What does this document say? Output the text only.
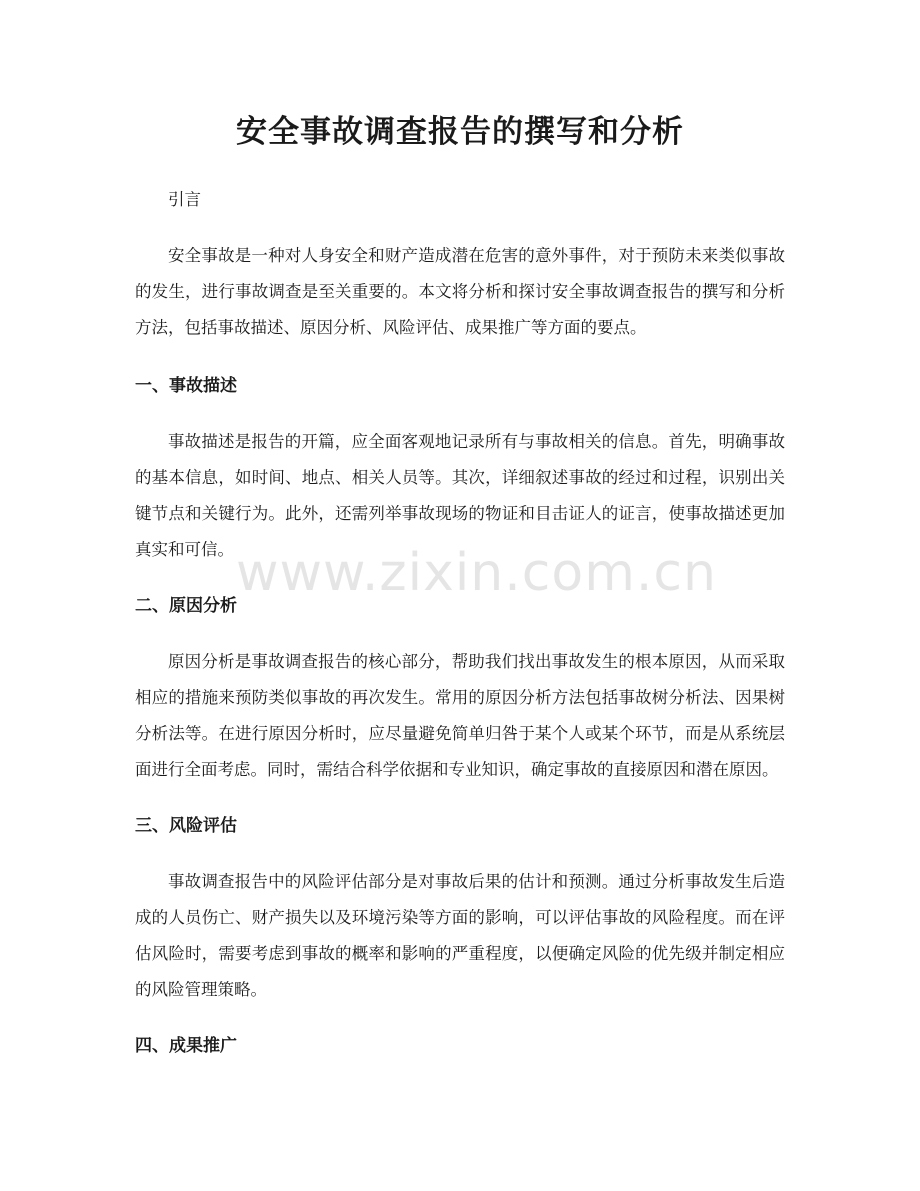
安全事故调查报告的撰写和分析

引言

安全事故是一种对人身安全和财产造成潜在危害的意外事件，对于预防未来类似事故的发生，进行事故调查是至关重要的。本文将分析和探讨安全事故调查报告的撰写和分析方法，包括事故描述、原因分析、风险评估、成果推广等方面的要点。

一、事故描述

事故描述是报告的开篇，应全面客观地记录所有与事故相关的信息。首先，明确事故的基本信息，如时间、地点、相关人员等。其次，详细叙述事故的经过和过程，识别出关键节点和关键行为。此外，还需列举事故现场的物证和目击证人的证言，使事故描述更加真实和可信。

二、原因分析

原因分析是事故调查报告的核心部分，帮助我们找出事故发生的根本原因，从而采取相应的措施来预防类似事故的再次发生。常用的原因分析方法包括事故树分析法、因果树分析法等。在进行原因分析时，应尽量避免简单归咎于某个人或某个环节，而是从系统层面进行全面考虑。同时，需结合科学依据和专业知识，确定事故的直接原因和潜在原因。

三、风险评估

事故调查报告中的风险评估部分是对事故后果的估计和预测。通过分析事故发生后造成的人员伤亡、财产损失以及环境污染等方面的影响，可以评估事故的风险程度。而在评估风险时，需要考虑到事故的概率和影响的严重程度，以便确定风险的优先级并制定相应的风险管理策略。

四、成果推广

www.zixin.com.cn
